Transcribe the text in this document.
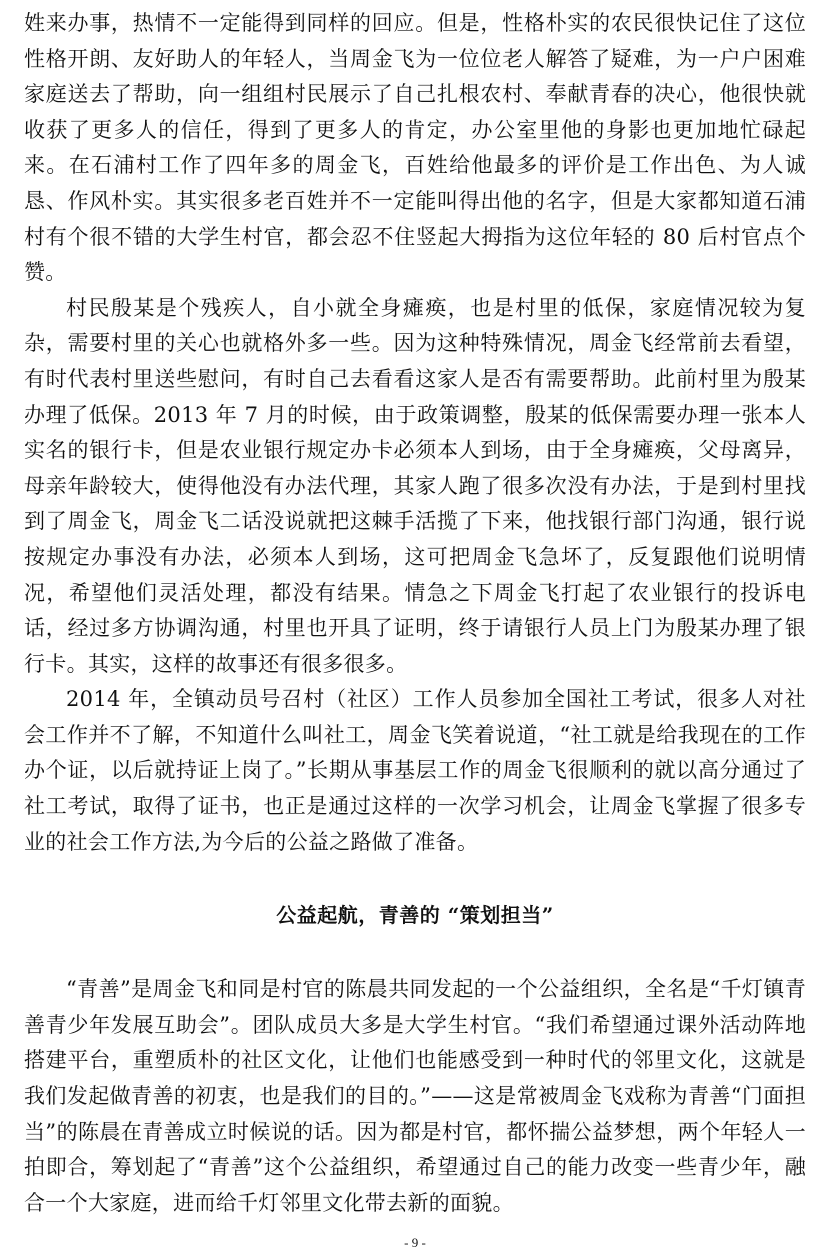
姓来办事，热情不一定能得到同样的回应。但是，性格朴实的农民很快记住了这位性格开朗、友好助人的年轻人，当周金飞为一位位老人解答了疑难，为一户户困难家庭送去了帮助，向一组组村民展示了自己扎根农村、奉献青春的决心，他很快就收获了更多人的信任，得到了更多人的肯定，办公室里他的身影也更加地忙碌起来。在石浦村工作了四年多的周金飞，百姓给他最多的评价是工作出色、为人诚恳、作风朴实。其实很多老百姓并不一定能叫得出他的名字，但是大家都知道石浦村有个很不错的大学生村官，都会忍不住竖起大拇指为这位年轻的 80 后村官点个赞。

村民殷某是个残疾人，自小就全身瘫痪，也是村里的低保，家庭情况较为复杂，需要村里的关心也就格外多一些。因为这种特殊情况，周金飞经常前去看望，有时代表村里送些慰问，有时自己去看看这家人是否有需要帮助。此前村里为殷某办理了低保。2013 年 7 月的时候，由于政策调整，殷某的低保需要办理一张本人实名的银行卡，但是农业银行规定办卡必须本人到场，由于全身瘫痪，父母离异，母亲年龄较大，使得他没有办法代理，其家人跑了很多次没有办法，于是到村里找到了周金飞，周金飞二话没说就把这棘手活揽了下来，他找银行部门沟通，银行说按规定办事没有办法，必须本人到场，这可把周金飞急坏了，反复跟他们说明情况，希望他们灵活处理，都没有结果。情急之下周金飞打起了农业银行的投诉电话，经过多方协调沟通，村里也开具了证明，终于请银行人员上门为殷某办理了银行卡。其实，这样的故事还有很多很多。

2014 年，全镇动员号召村（社区）工作人员参加全国社工考试，很多人对社会工作并不了解，不知道什么叫社工，周金飞笑着说道，“社工就是给我现在的工作办个证，以后就持证上岗了。”长期从事基层工作的周金飞很顺利的就以高分通过了社工考试，取得了证书，也正是通过这样的一次学习机会，让周金飞掌握了很多专业的社会工作方法,为今后的公益之路做了准备。

公益起航，青善的 “策划担当”

“青善”是周金飞和同是村官的陈晨共同发起的一个公益组织，全名是“千灯镇青善青少年发展互助会”。团队成员大多是大学生村官。“我们希望通过课外活动阵地搭建平台，重塑质朴的社区文化，让他们也能感受到一种时代的邻里文化，这就是我们发起做青善的初衷，也是我们的目的。”——这是常被周金飞戏称为青善“门面担当”的陈晨在青善成立时候说的话。因为都是村官，都怀揣公益梦想，两个年轻人一拍即合，筹划起了“青善”这个公益组织，希望通过自己的能力改变一些青少年，融合一个大家庭，进而给千灯邻里文化带去新的面貌。

- 9 -
